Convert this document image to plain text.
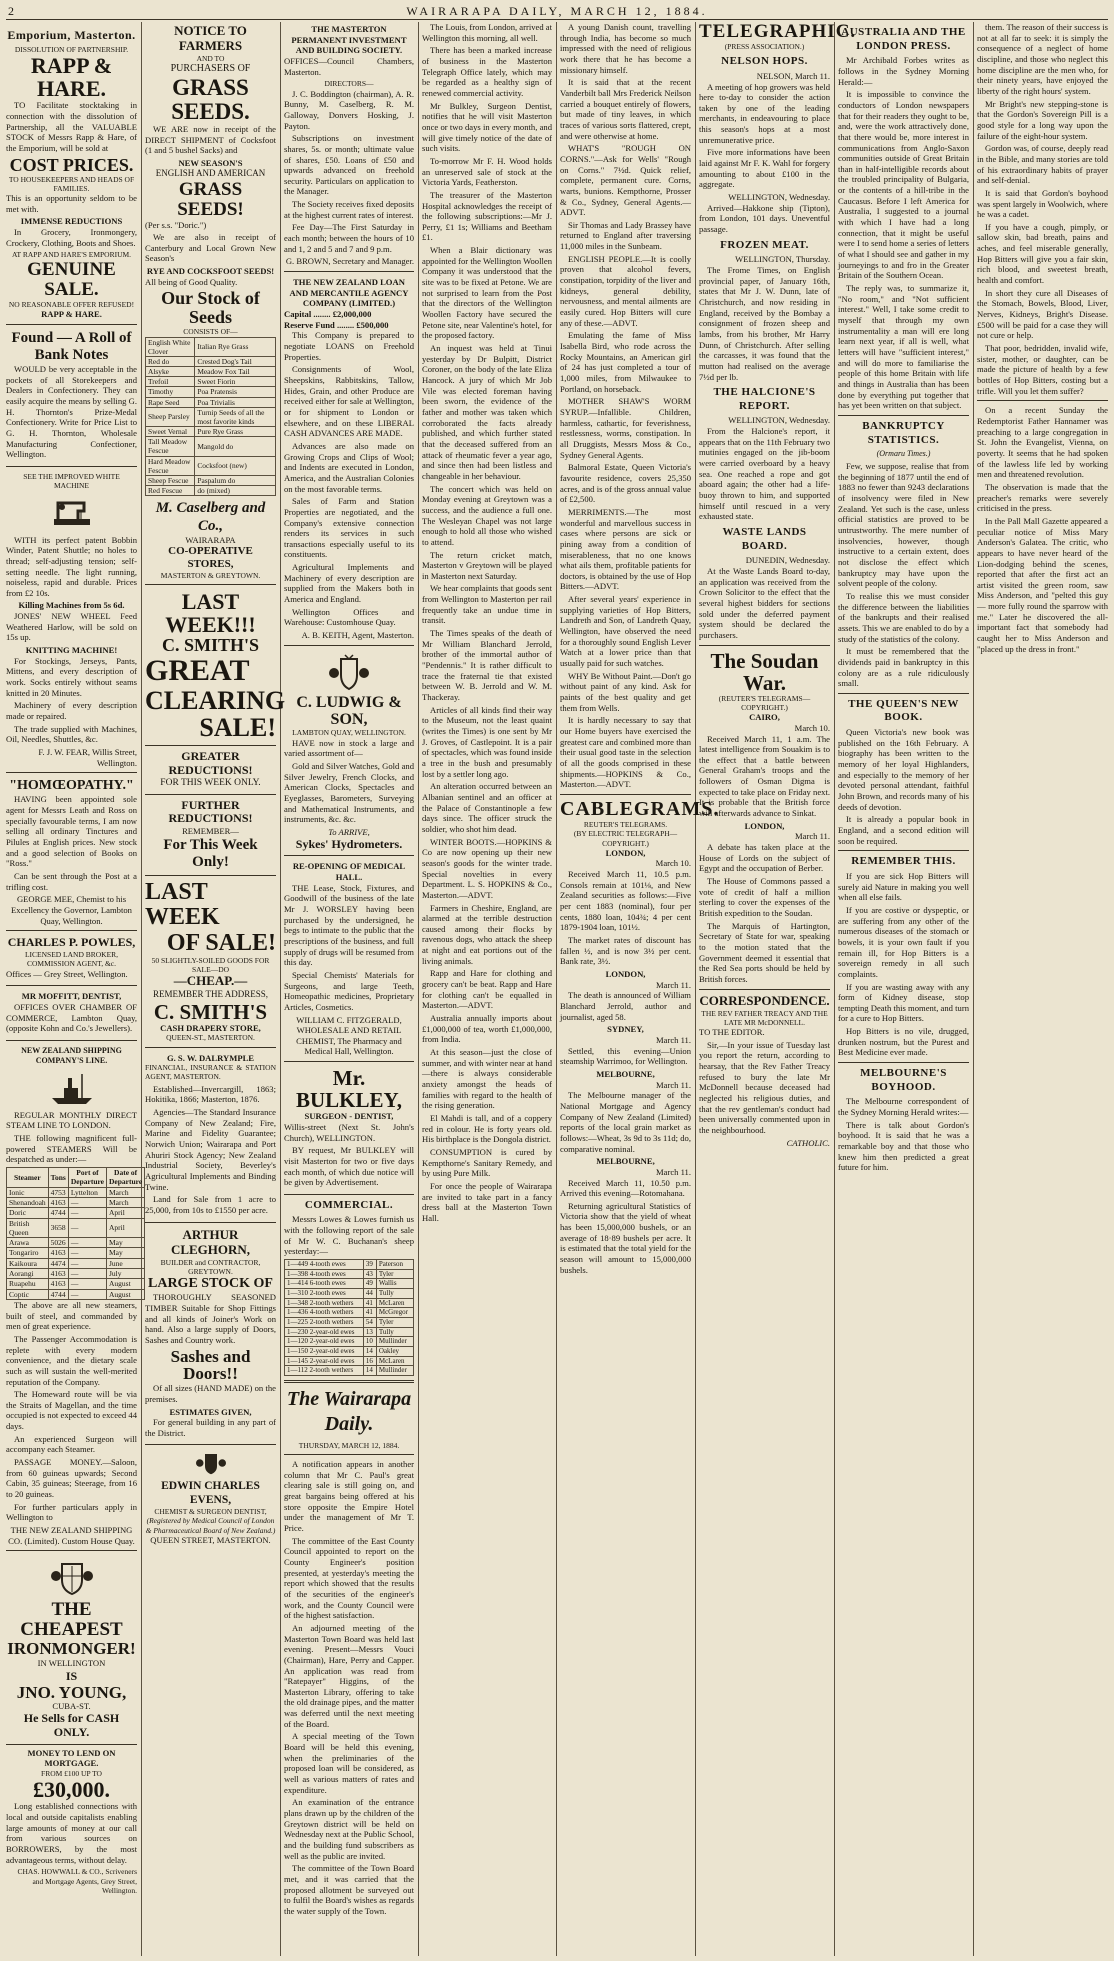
2	WAIRARAPA DAILY, MARCH 12, 1884.
Emporium, Masterton.
DISSOLUTION OF PARTNERSHIP.
RAPP & HARE.

TO Facilitate stocktaking in connection with the dissolution of Partnership, all the VALUABLE STOCK of Messrs Rapp & Hare, of the Emporium, will be sold at

COST PRICES.
TO HOUSEKEEPERS AND HEADS OF FAMILIES.

This is an opportunity seldom to be met with.

IMMENSE REDUCTIONS

In Grocery, Ironmongery, Crockery, Clothing, Boots and Shoes.

AT RAPP AND HARE'S EMPORIUM.
GENUINE SALE.
NO REASONABLE OFFER REFUSED!
RAPP & HARE.
Found — A Roll of Bank Notes

WOULD be very acceptable in the pockets of all Storekeepers and Dealers in Confectionery. They can easily acquire the means by selling G. H. Thornton's Prize-Medal Confectionery. Write for Price List to G. H. Thornton, Wholesale Manufacturing Confectioner, Wellington.

SEE THE IMPROVED WHITE MACHINE

WITH its perfect patent Bobbin Winder, Patent Shuttle; no holes to thread; self-adjusting tension; self-setting needle. The light running, noiseless, rapid and durable. Prices from £2 10s.

Killing Machines from 5s 6d.

JONES' NEW WHEEL Feed Weathered Harlow, will be sold on 15s up.

KNITTING MACHINE!

For Stockings, Jerseys, Pants, Mittens, and every description of work. Socks entirely without seams knitted in 20 Minutes.

Machinery of every description made or repaired.

The trade supplied with Machines, Oil, Needles, Shuttles, &c.

F. J. W. FEAR, Willis Street, Wellington.
"HOMŒOPATHY."

HAVING been appointed sole agent for Messrs Leath and Ross on specially favourable terms, I am now selling all ordinary Tinctures and Pilules at English prices. New stock and a good selection of Books on "Ross."

Can be sent through the Post at a trifling cost.

GEORGE MEE, Chemist to his Excellency the Governor, Lambton Quay, Wellington.
CHARLES P. POWLES,
LICENSED LAND BROKER, COMMISSION AGENT, &c.

Offices — Grey Street, Wellington.

MR MOFFITT, DENTIST,

OFFICES OVER CHAMBER OF COMMERCE, Lambton Quay, (opposite Kohn and Co.'s Jewellers).

NEW ZEALAND SHIPPING COMPANY'S LINE.

REGULAR MONTHLY DIRECT STEAM LINE TO LONDON.

THE following magnificent full-powered STEAMERS Will be despatched as under:—

Steamer	Tons	Port of Departure	Date of Departure
Ionic	4753	Lyttelton	March
Shenandoah	4163	—	March
Doric	4744	—	April
British Queen	3658	—	April
Arawa	5026	—	May
Tongariro	4163	—	May
Kaikoura	4474	—	June
Aorangi	4163	—	July
Ruapehu	4163	—	August
Coptic	4744	—	August

The above are all new steamers, built of steel, and commanded by men of great experience.

The Passenger Accommodation is replete with every modern convenience, and the dietary scale such as will sustain the well-merited reputation of the Company.

The Homeward route will be via the Straits of Magellan, and the time occupied is not expected to exceed 44 days.

An experienced Surgeon will accompany each Steamer.

PASSAGE MONEY.—Saloon, from 60 guineas upwards; Second Cabin, 35 guineas; Steerage, from 16 to 20 guineas.

For further particulars apply in Wellington to

THE NEW ZEALAND SHIPPING CO. (Limited). Custom House Quay.
THE CHEAPEST
IRONMONGER!
IN WELLINGTON
IS
JNO. YOUNG,
CUBA-ST.
He Sells for CASH ONLY.
MONEY TO LEND ON MORTGAGE.
FROM £100 UP TO
£30,000.

Long established connections with local and outside capitalists enabling large amounts of money at our call from various sources on BORROWERS, by the most advantageous terms, without delay.

CHAS. HOWWALL & CO., Scriveners and Mortgage Agents, Grey Street, Wellington.
NOTICE TO FARMERS
AND TO
PURCHASERS OF
GRASS SEEDS.

WE ARE now in receipt of the DIRECT SHIPMENT of Cocksfoot (1 and 5 bushel Sacks) and

NEW SEASON'S
ENGLISH AND AMERICAN
GRASS SEEDS!

(Per s.s. "Doric.")

We are also in receipt of Canterbury and Local Grown New Season's

RYE AND COCKSFOOT SEEDS!

All being of Good Quality.

Our Stock of Seeds
CONSISTS OF—
English White Clover	Italian Rye Grass
Red do	Crested Dog's Tail
Alsyke	Meadow Fox Tail
Trefoil	Sweet Fiorin
Timothy	Poa Pratensis
Rape Seed	Poa Trivialis
Sheep Parsley	Turnip Seeds of all the most favorite kinds
Sweet Vernal	Pure Rye Grass
Tall Meadow Fescue	Mangold do
Hard Meadow Fescue	Cocksfoot (new)
Sheep Fescue	Paspalum do
Red Fescue	do (mixed)
M. Caselberg and Co.,
WAIRARAPA
CO-OPERATIVE STORES,
MASTERTON & GREYTOWN.
LAST WEEK!!!
C. SMITH'S
GREAT
CLEARING
SALE!
GREATER REDUCTIONS!
FOR THIS WEEK ONLY.
FURTHER REDUCTIONS!
REMEMBER—
For This Week Only!
LAST WEEK
OF SALE!
50 SLIGHTLY-SOILED GOODS FOR SALE—DO
—CHEAP.—
REMEMBER THE ADDRESS,
C. SMITH'S
CASH DRAPERY STORE,
QUEEN-ST., MASTERTON.
G. S. W. DALRYMPLE

FINANCIAL, INSURANCE & STATION AGENT, MASTERTON.

Established—Invercargill, 1863; Hokitika, 1866; Masterton, 1876.

Agencies—The Standard Insurance Company of New Zealand; Fire, Marine and Fidelity Guarantee; Norwich Union; Wairarapa and Port Ahuriri Stock Agency; New Zealand Industrial Society, Beverley's Agricultural Implements and Binding Twine.

Land for Sale from 1 acre to 25,000, from 10s to £1550 per acre.

ARTHUR CLEGHORN,
BUILDER and CONTRACTOR, GREYTOWN.
LARGE STOCK OF

THOROUGHLY SEASONED TIMBER Suitable for Shop Fittings and all kinds of Joiner's Work on hand. Also a large supply of Doors, Sashes and Country work.

Sashes and Doors!!

Of all sizes (HAND MADE) on the premises.

ESTIMATES GIVEN,

For general building in any part of the District.

EDWIN CHARLES EVENS,
CHEMIST & SURGEON DENTIST,
(Registered by Medical Council of London & Pharmaceutical Board of New Zealand.)
QUEEN STREET, MASTERTON.
THE MASTERTON PERMANENT INVESTMENT AND BUILDING SOCIETY.

OFFICES—Council Chambers, Masterton.

DIRECTORS—

J. C. Boddington (chairman), A. R. Bunny, M. Caselberg, R. M. Galloway, Donvers Hosking, J. Payton.

Subscriptions on investment shares, 5s. or month; ultimate value of shares, £50. Loans of £50 and upwards advanced on freehold security. Particulars on application to the Manager.

The Society receives fixed deposits at the highest current rates of interest.

Fee Day—The First Saturday in each month; between the hours of 10 and 1, 2 and 5 and 7 and 9 p.m.

G. BROWN, Secretary and Manager.
THE NEW ZEALAND LOAN AND MERCANTILE AGENCY COMPANY (LIMITED.)
Capital ........ £2,000,000
Reserve Fund ........ £500,000

This Company is prepared to negotiate LOANS on Freehold Properties.

Consignments of Wool, Sheepskins, Rabbitskins, Tallow, Hides, Grain, and other Produce are received either for sale at Wellington, or for shipment to London or elsewhere, and on these LIBERAL CASH ADVANCES ARE MADE.

Advances are also made on Growing Crops and Clips of Wool; and Indents are executed in London, America, and the Australian Colonies on the most favorable terms.

Sales of Farm and Station Properties are negotiated, and the Company's extensive connection renders its services in such transactions especially useful to its constituents.

Agricultural Implements and Machinery of every description are supplied from the Makers both in America and England.

Wellington Offices and Warehouse: Customhouse Quay.

A. B. KEITH, Agent, Masterton.
C. LUDWIG & SON,
LAMBTON QUAY, WELLINGTON.

HAVE now in stock a large and varied assortment of—

Gold and Silver Watches, Gold and Silver Jewelry, French Clocks, and American Clocks, Spectacles and Eyeglasses, Barometers, Surveying and Mathematical Instruments, and instruments, &c. &c.

To ARRIVE,
Sykes' Hydrometers.
RE-OPENING OF MEDICAL HALL.

THE Lease, Stock, Fixtures, and Goodwill of the business of the late Mr J. WORSLEY having been purchased by the undersigned, he begs to intimate to the public that the prescriptions of the business, and full supply of drugs will be resumed from this day.

Special Chemists' Materials for Surgeons, and large Teeth, Homeopathic medicines, Proprietary Articles, Cosmetics.

WILLIAM C. FITZGERALD, WHOLESALE AND RETAIL CHEMIST, The Pharmacy and Medical Hall, Wellington.
Mr. BULKLEY,
SURGEON - DENTIST,

Willis-street (Next St. John's Church), WELLINGTON.

BY request, Mr BULKLEY will visit Masterton for two or five days each month, of which due notice will be given by Advertisement.

COMMERCIAL.

Messrs Lowes & Lowes furnish us with the following report of the sale of Mr W. C. Buchanan's sheep yesterday:—

1—449 4-tooth ewes	39	Paterson
1—398 4-tooth ewes	43	Tyler
1—414 6-tooth ewes	49	Wallis
1—310 2-tooth ewes	44	Tully
1—348 2-tooth wethers	41	McLaren
1—436 4-tooth wethers	41	McGregor
1—225 2-tooth wethers	54	Tyler
1—230 2-year-old ewes	13	Tully
1—120 2-year-old ewes	10	Mullinder
1—150 2-year-old ewes	14	Oakley
1—145 2-year-old ewes	16	McLaren
1—112 2-tooth wethers	14	Mullinder
The Wairarapa Daily.
THURSDAY, MARCH 12, 1884.

A notification appears in another column that Mr C. Paul's great clearing sale is still going on, and great bargains being offered at his store opposite the Empire Hotel under the management of Mr T. Price.

The committee of the East County Council appointed to report on the County Engineer's position presented, at yesterday's meeting the report which showed that the results of the securities of the engineer's work, and the County Council were of the highest satisfaction.

An adjourned meeting of the Masterton Town Board was held last evening. Present—Messrs Vouci (Chairman), Hare, Perry and Capper. An application was read from "Ratepayer" Higgins, of the Masterton Library, offering to take the old drainage pipes, and the matter was deferred until the next meeting of the Board.

A special meeting of the Town Board will be held this evening, when the preliminaries of the proposed loan will be considered, as well as various matters of rates and expenditure.

An examination of the entrance plans drawn up by the children of the Greytown district will be held on Wednesday next at the Public School, and the building fund subscribers as well as the public are invited.

The committee of the Town Board met, and it was carried that the proposed allotment be surveyed out to fulfil the Board's wishes as regards the water supply of the Town.

The Louis, from London, arrived at Wellington this morning, all well.

There has been a marked increase of business in the Masterton Telegraph Office lately, which may be regarded as a healthy sign of renewed commercial activity.

Mr Bulkley, Surgeon Dentist, notifies that he will visit Masterton once or two days in every month, and will give timely notice of the date of such visits.

To-morrow Mr F. H. Wood holds an unreserved sale of stock at the Victoria Yards, Featherston.

The treasurer of the Masterton Hospital acknowledges the receipt of the following subscriptions:—Mr J. Perry, £1 1s; Williams and Beetham £1.

When a Blair dictionary was appointed for the Wellington Woollen Company it was understood that the site was to be fixed at Petone. We are not surprised to learn from the Post that the directors of the Wellington Woollen Factory have secured the Petone site, near Valentine's hotel, for the proposed factory.

An inquest was held at Tinui yesterday by Dr Bulpitt, District Coroner, on the body of the late Eliza Hancock. A jury of which Mr Job Vile was elected foreman having been sworn, the evidence of the father and mother was taken which corroborated the facts already published, and which further stated that the deceased suffered from an attack of rheumatic fever a year ago, and since then had been listless and changeable in her behaviour.

The concert which was held on Monday evening at Greytown was a success, and the audience a full one. The Wesleyan Chapel was not large enough to hold all those who wished to attend.

The return cricket match, Masterton v Greytown will be played in Masterton next Saturday.

We hear complaints that goods sent from Wellington to Masterton per rail frequently take an undue time in transit.

The Times speaks of the death of Mr William Blanchard Jerrold, brother of the immortal author of "Pendennis." It is rather difficult to trace the fraternal tie that existed between W. B. Jerrold and W. M. Thackeray.

Articles of all kinds find their way to the Museum, not the least quaint (writes the Times) is one sent by Mr J. Groves, of Castlepoint. It is a pair of spectacles, which was found inside a tree in the bush and presumably lost by a settler long ago.

An alteration occurred between an Albanian sentinel and an officer at the Palace of Constantinople a few days since. The officer struck the soldier, who shot him dead.

WINTER BOOTS.—HOPKINS & Co are now opening up their new season's goods for the winter trade. Special novelties in every Department. L. S. HOPKINS & Co., Masterton.—ADVT.

Farmers in Cheshire, England, are alarmed at the terrible destruction caused among their flocks by ravenous dogs, who attack the sheep at night and eat portions out of the living animals.

Rapp and Hare for clothing and grocery can't be beat. Rapp and Hare for clothing can't be equalled in Masterton.—ADVT.

Australia annually imports about £1,000,000 of tea, worth £1,000,000, from India.

At this season—just the close of summer, and with winter near at hand—there is always considerable anxiety amongst the heads of families with regard to the health of the rising generation.

El Mahdi is tall, and of a coppery red in colour. He is forty years old. His birthplace is the Dongola district.

CONSUMPTION is cured by Kempthorne's Sanitary Remedy, and by using Pure Milk.

For once the people of Wairarapa are invited to take part in a fancy dress ball at the Masterton Town Hall.

A young Danish count, travelling through India, has become so much impressed with the need of religious work there that he has become a missionary himself.

It is said that at the recent Vanderbilt ball Mrs Frederick Neilson carried a bouquet entirely of flowers, but made of tiny leaves, in which traces of various sorts flattered, crept, and were otherwise at home.

WHAT'S "ROUGH ON CORNS."—Ask for Wells' "Rough on Corns." 7½d. Quick relief, complete, permanent cure. Corns, warts, bunions. Kempthorne, Prosser & Co., Sydney, General Agents.—ADVT.

Sir Thomas and Lady Brassey have returned to England after traversing 11,000 miles in the Sunbeam.

ENGLISH PEOPLE.—It is coolly proven that alcohol fevers, constipation, torpidity of the liver and kidneys, general debility, nervousness, and mental ailments are easily cured. Hop Bitters will cure any of these.—ADVT.

Emulating the fame of Miss Isabella Bird, who rode across the Rocky Mountains, an American girl of 24 has just completed a tour of 1,000 miles, from Milwaukee to Portland, on horseback.

MOTHER SHAW'S WORM SYRUP.—Infallible. Children, harmless, cathartic, for feverishness, restlessness, worms, constipation. In all Druggists, Messrs Moss & Co., Sydney General Agents.

Balmoral Estate, Queen Victoria's favourite residence, covers 25,350 acres, and is of the gross annual value of £2,500.

MERRIMENTS.—The most wonderful and marvellous success in cases where persons are sick or pining away from a condition of miserableness, that no one knows what ails them, profitable patients for doctors, is obtained by the use of Hop Bitters.—ADVT.

After several years' experience in supplying varieties of Hop Bitters, Landreth and Son, of Landreth Quay, Wellington, have observed the need for a thoroughly sound English Lever Watch at a lower price than that usually paid for such watches.

WHY Be Without Paint.—Don't go without paint of any kind. Ask for paints of the best quality and get them from Wells.

It is hardly necessary to say that our Home buyers have exercised the greatest care and combined more than their usual good taste in the selection of all the goods comprised in these shipments.—HOPKINS & Co., Masterton.—ADVT.

CABLEGRAMS.
REUTER'S TELEGRAMS.
(BY ELECTRIC TELEGRAPH—COPYRIGHT.)
LONDON,
March 10.

Received March 11, 10.5 p.m. Consols remain at 101⅛, and New Zealand securities as follows:—Five per cent 1883 (nominal), four per cents, 1880 loan, 104¾; 4 per cent 1879-1904 loan, 101½.

The market rates of discount has fallen ½, and is now 3½ per cent. Bank rate, 3½.

LONDON,
March 11.

The death is announced of William Blanchard Jerrold, author and journalist, aged 58.

SYDNEY,
March 11.

Settled, this evening—Union steamship Warrimoo, for Wellington.

MELBOURNE,
March 11.

The Melbourne manager of the National Mortgage and Agency Company of New Zealand (Limited) reports of the local grain market as follows:—Wheat, 3s 9d to 3s 11d; do, comparative nominal.

MELBOURNE,
March 11.

Received March 11, 10.50 p.m. Arrived this evening—Rotomahana.

Returning agricultural Statistics of Victoria show that the yield of wheat has been 15,000,000 bushels, or an average of 18·89 bushels per acre. It is estimated that the total yield for the season will amount to 15,000,000 bushels.

TELEGRAPHIC.
(PRESS ASSOCIATION.)
NELSON HOPS.
NELSON, March 11.

A meeting of hop growers was held here to-day to consider the action taken by one of the leading merchants, in endeavouring to place this season's hops at a most unremunerative price.

Five more informations have been laid against Mr F. K. Wahl for forgery amounting to about £100 in the aggregate.

WELLINGTON, Wednesday.

Arrived—Hakkone ship (Tipton), from London, 101 days. Uneventful passage.

FROZEN MEAT.
WELLINGTON, Thursday.

The Frome Times, on English provincial paper, of January 16th, states that Mr J. W. Dunn, late of Christchurch, and now residing in England, received by the Bombay a consignment of frozen sheep and lambs, from his brother, Mr Harry Dunn, of Christchurch. After selling the carcasses, it was found that the mutton had realised on the average 7½d per lb.

THE HALCIONE'S REPORT.
WELLINGTON, Wednesday.

From the Halcione's report, it appears that on the 11th February two mutinies engaged on the jib-boom were carried overboard by a heavy sea. One reached a rope and got aboard again; the other had a life-buoy thrown to him, and supported himself until rescued in a very exhausted state.

WASTE LANDS BOARD.
DUNEDIN, Wednesday.

At the Waste Lands Board to-day, an application was received from the Crown Solicitor to the effect that the several highest bidders for sections sold under the deferred payment system should be declared the purchasers.

The Soudan War.
(REUTER'S TELEGRAMS—COPYRIGHT.)
CAIRO,
March 10.

Received March 11, 1 a.m. The latest intelligence from Souakim is to the effect that a battle between General Graham's troops and the followers of Osman Digma is expected to take place on Friday next. It is probable that the British force will afterwards advance to Sinkat.

LONDON,
March 11.

A debate has taken place at the House of Lords on the subject of Egypt and the occupation of Berber.

The House of Commons passed a vote of credit of half a million sterling to cover the expenses of the British expedition to the Soudan.

The Marquis of Hartington, Secretary of State for war, speaking to the motion stated that the Government deemed it essential that the Red Sea ports should be held by British forces.

CORRESPONDENCE.
THE REV FATHER TREACY AND THE LATE MR McDONNELL.

TO THE EDITOR.

Sir,—In your issue of Tuesday last you report the return, according to hearsay, that the Rev Father Treacy refused to bury the late Mr McDonnell because deceased had neglected his religious duties, and that the rev gentleman's conduct had been universally commented upon in the neighbourhood.

CATHOLIC.
AUSTRALIA AND THE LONDON PRESS.

Mr Archibald Forbes writes as follows in the Sydney Morning Herald:—

It is impossible to convince the conductors of London newspapers that for their readers they ought to be, and, were the work attractively done, that there would be, more interest in communications from Anglo-Saxon communities outside of Great Britain than in half-intelligible records about the troubled principality of Bulgaria, or the contents of a hill-tribe in the Caucasus. Before I left America for Australia, I suggested to a journal with which I have had a long connection, that it might be useful were I to send home a series of letters of what I should see and gather in my journeyings to and fro in the Greater Britain of the Southern Ocean.

The reply was, to summarize it, "No room," and "Not sufficient interest." Well, I take some credit to myself that through my own instrumentality a man will ere long learn next year, if all is well, what letters will have "sufficient interest," and will do more to familiarise the people of this home Britain with life and things in Australia than has been done by everything put together that has yet been written on that subject.

BANKRUPTCY STATISTICS.
(Ormaru Times.)

Few, we suppose, realise that from the beginning of 1877 until the end of 1883 no fewer than 9243 declarations of insolvency were filed in New Zealand. Yet such is the case, unless official statistics are proved to be untrustworthy. The mere number of insolvencies, however, though instructive to a certain extent, does not disclose the effect which bankruptcy may have upon the solvent people of the colony.

To realise this we must consider the difference between the liabilities of the bankrupts and their realised assets. This we are enabled to do by a study of the statistics of the colony.

It must be remembered that the dividends paid in bankruptcy in this colony are as a rule ridiculously small.

THE QUEEN'S NEW BOOK.

Queen Victoria's new book was published on the 16th February. A biography has been written to the memory of her loyal Highlanders, and especially to the memory of her devoted personal attendant, faithful John Brown, and records many of his deeds of devotion.

It is already a popular book in England, and a second edition will soon be required.

REMEMBER THIS.

If you are sick Hop Bitters will surely aid Nature in making you well when all else fails.

If you are costive or dyspeptic, or are suffering from any other of the numerous diseases of the stomach or bowels, it is your own fault if you remain ill, for Hop Bitters is a sovereign remedy in all such complaints.

If you are wasting away with any form of Kidney disease, stop tempting Death this moment, and turn for a cure to Hop Bitters.

Hop Bitters is no vile, drugged, drunken nostrum, but the Purest and Best Medicine ever made.

MELBOURNE'S BOYHOOD.

The Melbourne correspondent of the Sydney Morning Herald writes:—

There is talk about Gordon's boyhood. It is said that he was a remarkable boy and that those who knew him then predicted a great future for him.

them. The reason of their success is not at all far to seek: it is simply the consequence of a neglect of home discipline, and those who neglect this home discipline are the men who, for their ninety years, have enjoyed the liberty of the right hours' system.

Mr Bright's new stepping-stone is that the Gordon's Sovereign Pill is a good style for a long way upon the failure of the eight-hour system.

Gordon was, of course, deeply read in the Bible, and many stories are told of his extraordinary habits of prayer and self-denial.

It is said that Gordon's boyhood was spent largely in Woolwich, where he was a cadet.

If you have a cough, pimply, or sallow skin, bad breath, pains and aches, and feel miserable generally, Hop Bitters will give you a fair skin, rich blood, and sweetest breath, health and comfort.

In short they cure all Diseases of the Stomach, Bowels, Blood, Liver, Nerves, Kidneys, Bright's Disease. £500 will be paid for a case they will not cure or help.

That poor, bedridden, invalid wife, sister, mother, or daughter, can be made the picture of health by a few bottles of Hop Bitters, costing but a trifle. Will you let them suffer?

On a recent Sunday the Redemptorist Father Hannamer was preaching to a large congregation in St. John the Evangelist, Vienna, on poverty. It seems that he had spoken of the lawless life led by working men and threatened revolution.

The observation is made that the preacher's remarks were severely criticised in the press.

In the Pall Mall Gazette appeared a peculiar notice of Miss Mary Anderson's Galatea. The critic, who appears to have never heard of the Lion-dodging behind the scenes, reported that after the first act an artist visited the green room, saw Miss Anderson, and "pelted this guy — more fully round the sparrow with me." Later he discovered the all-important fact that somebody had caught her to Miss Anderson and "placed up the dress in front."
